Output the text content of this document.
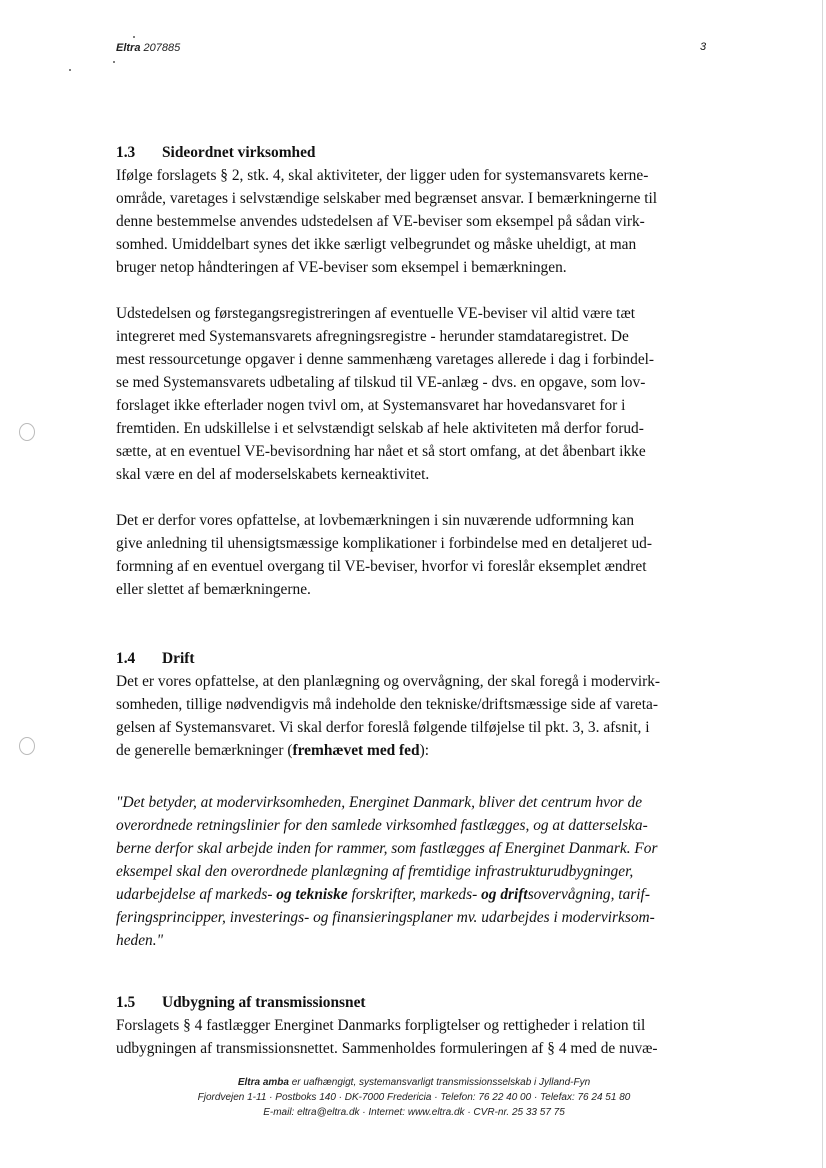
Eltra 207885	3

1.3 Sideordnet virksomhed

Ifølge forslagets § 2, stk. 4, skal aktiviteter, der ligger uden for systemansvarets kerne-
område, varetages i selvstændige selskaber med begrænset ansvar. I bemærkningerne til
denne bestemmelse anvendes udstedelsen af VE-beviser som eksempel på sådan virk-
somhed. Umiddelbart synes det ikke særligt velbegrundet og måske uheldigt, at man
bruger netop håndteringen af VE-beviser som eksempel i bemærkningen.

Udstedelsen og førstegangsregistreringen af eventuelle VE-beviser vil altid være tæt
integreret med Systemansvarets afregningsregistre - herunder stamdataregistret. De
mest ressourcetunge opgaver i denne sammenhæng varetages allerede i dag i forbindel-
se med Systemansvarets udbetaling af tilskud til VE-anlæg - dvs. en opgave, som lov-
forslaget ikke efterlader nogen tvivl om, at Systemansvaret har hovedansvaret for i
fremtiden. En udskillelse i et selvstændigt selskab af hele aktiviteten må derfor forud-
sætte, at en eventuel VE-bevisordning har nået et så stort omfang, at det åbenbart ikke
skal være en del af moderselskabets kerneaktivitet.

Det er derfor vores opfattelse, at lovbemærkningen i sin nuværende udformning kan
give anledning til uhensigtsmæssige komplikationer i forbindelse med en detaljeret ud-
formning af en eventuel overgang til VE-beviser, hvorfor vi foreslår eksemplet ændret
eller slettet af bemærkningerne.

1.4 Drift

Det er vores opfattelse, at den planlægning og overvågning, der skal foregå i modervirk-
somheden, tillige nødvendigvis må indeholde den tekniske/driftsmæssige side af vareta-
gelsen af Systemansvaret. Vi skal derfor foreslå følgende tilføjelse til pkt. 3, 3. afsnit, i
de generelle bemærkninger (fremhævet med fed):

"Det betyder, at modervirksomheden, Energinet Danmark, bliver det centrum hvor de
overordnede retningslinier for den samlede virksomhed fastlægges, og at datterselska-
berne derfor skal arbejde inden for rammer, som fastlægges af Energinet Danmark. For
eksempel skal den overordnede planlægning af fremtidige infrastrukturudbygninger,
udarbejdelse af markeds- og tekniske forskrifter, markeds- og driftsovervågning, tarif-
feringsprincipper, investerings- og finansieringsplaner mv. udarbejdes i modervirksom-
heden."

1.5 Udbygning af transmissionsnet

Forslagets § 4 fastlægger Energinet Danmarks forpligtelser og rettigheder i relation til
udbygningen af transmissionsnettet. Sammenholdes formuleringen af § 4 med de nuvæ-

Eltra amba er uafhængigt, systemansvarligt transmissionsselskab i Jylland-Fyn
Fjordvejen 1-11 · Postboks 140 · DK-7000 Fredericia · Telefon: 76 22 40 00 · Telefax: 76 24 51 80
E-mail: eltra@eltra.dk · Internet: www.eltra.dk · CVR-nr. 25 33 57 75
